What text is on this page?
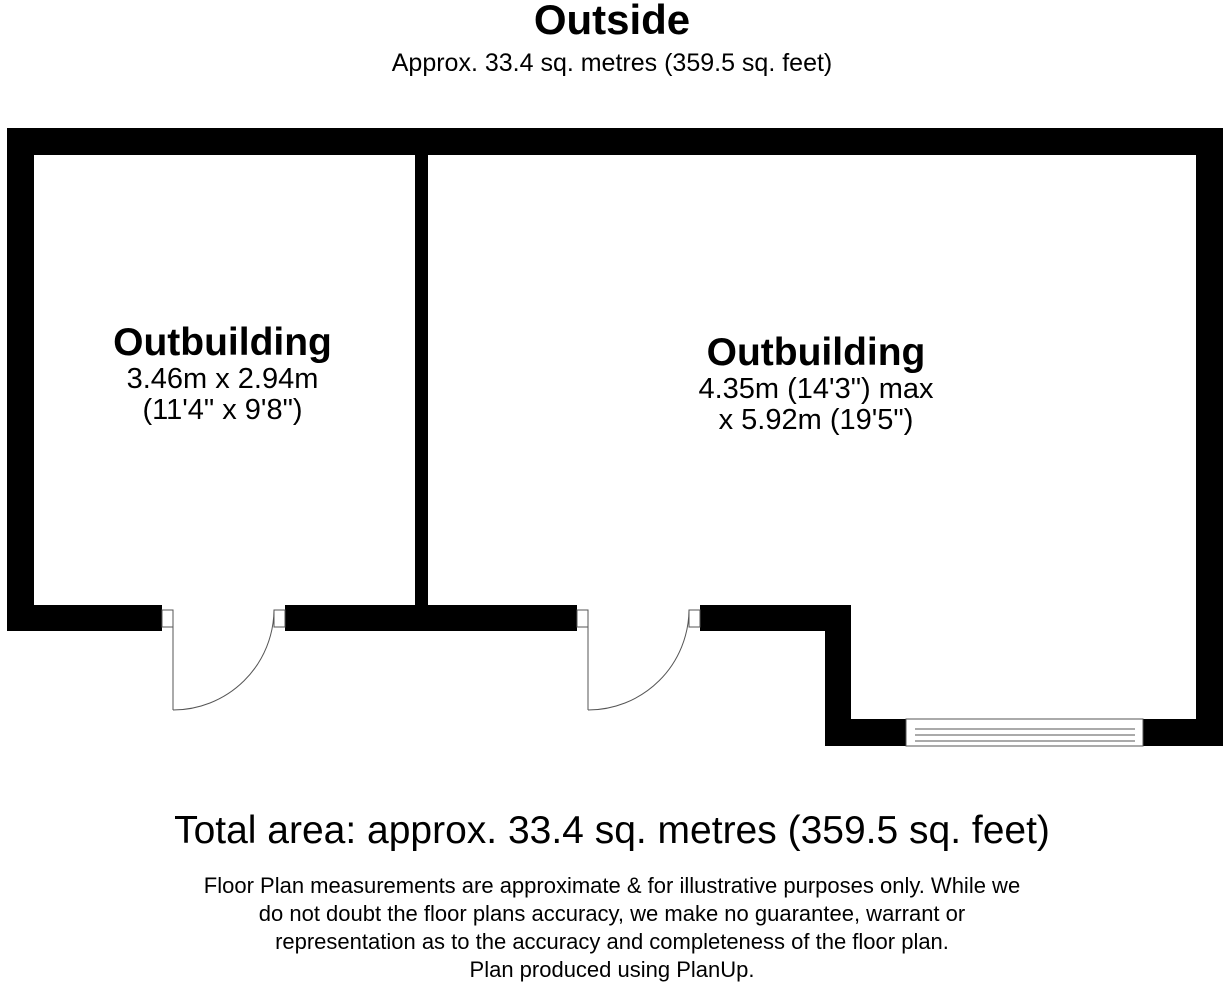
Outside
Approx. 33.4 sq. metres (359.5 sq. feet)
Outbuilding
3.46m x 2.94m
(11'4" x 9'8")
Outbuilding
4.35m (14'3") max
x 5.92m (19'5")
Total area: approx. 33.4 sq. metres (359.5 sq. feet)
Floor Plan measurements are approximate & for illustrative purposes only. While we
do not doubt the floor plans accuracy, we make no guarantee, warrant or
representation as to the accuracy and completeness of the floor plan.
Plan produced using PlanUp.
